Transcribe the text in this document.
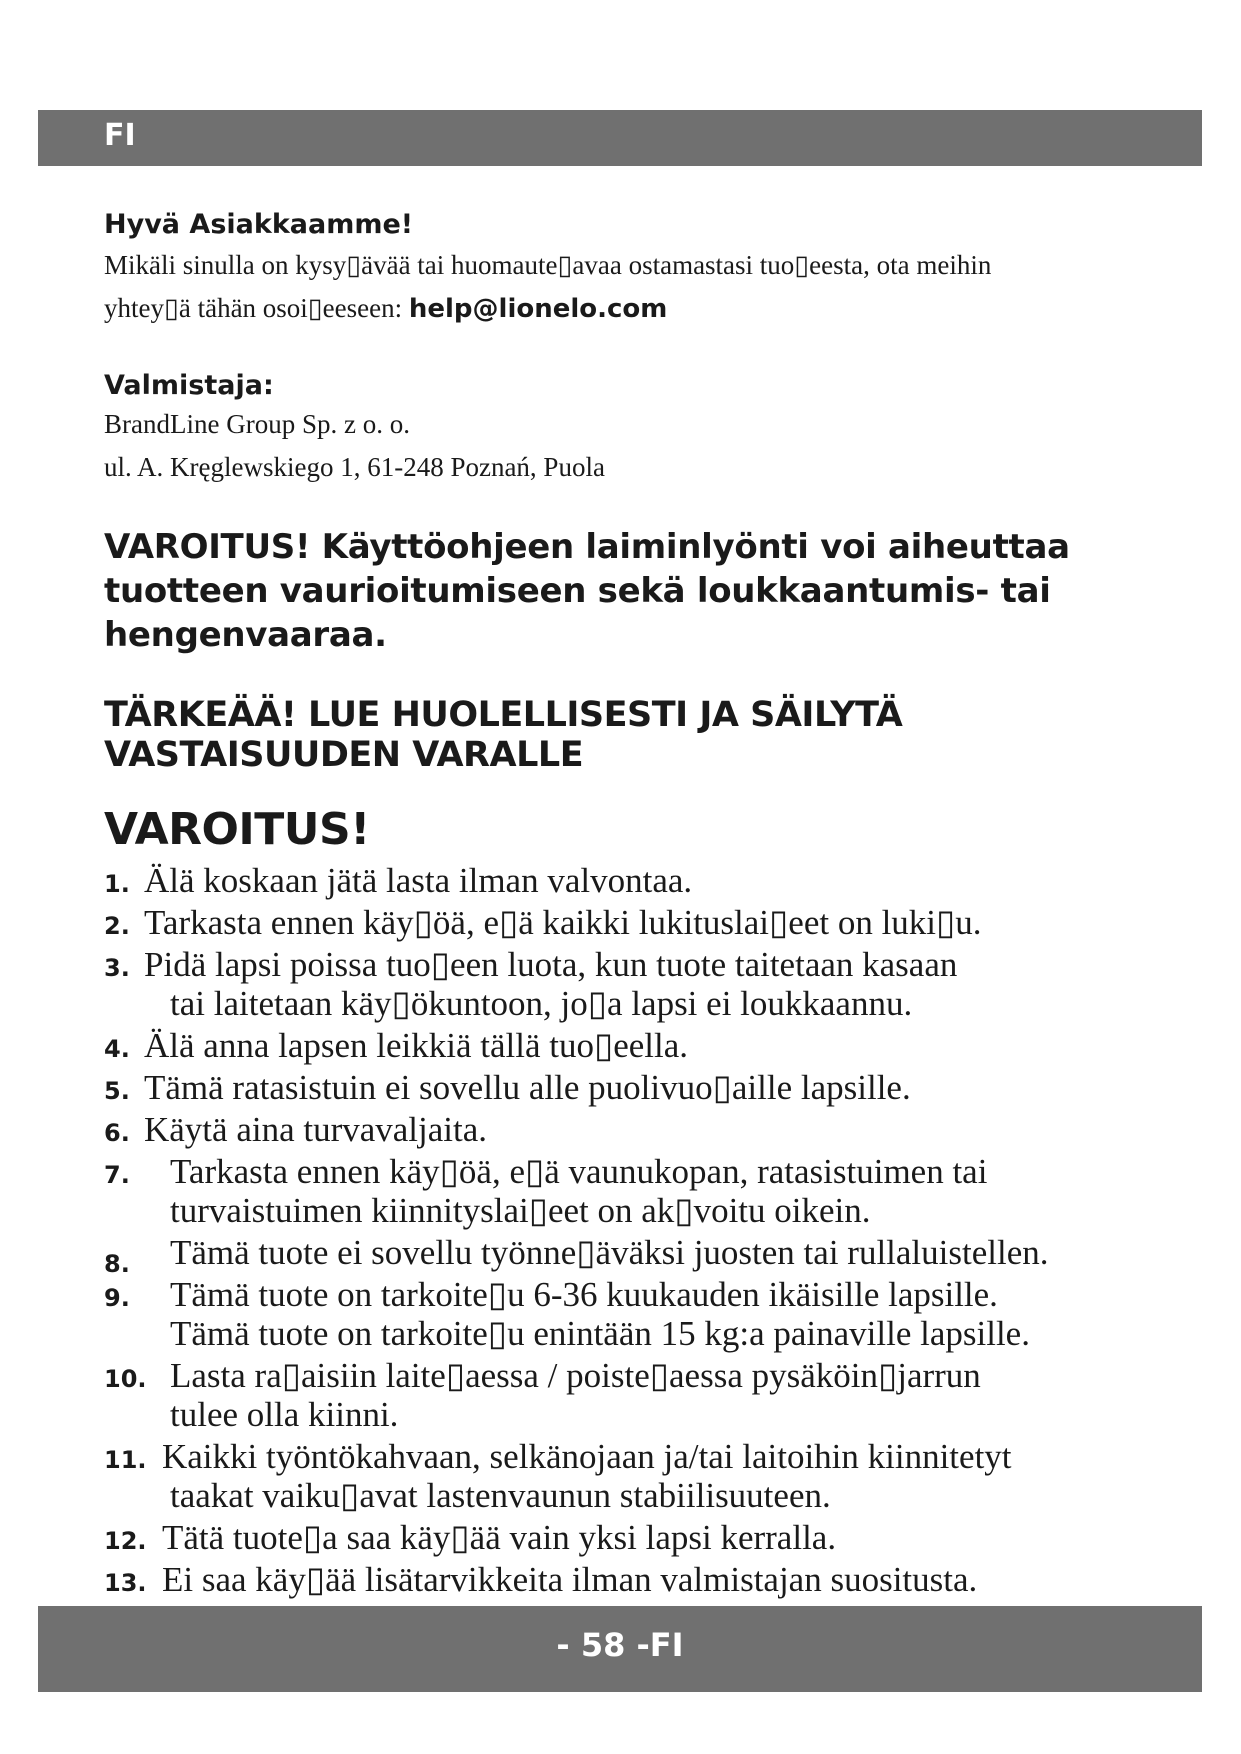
FI

Hyvä Asiakkaamme!

Mikäli sinulla on kysy▯ävää tai huomaute▯avaa ostamastasi tuo▯eesta, ota meihin
yhtey▯ä tähän osoi▯eeseen: help@lionelo.com

Valmistaja:

BrandLine Group Sp. z o. o.

ul. A. Kręglewskiego 1, 61-248 Poznań, Puola

VAROITUS! Käyttöohjeen laiminlyönti voi aiheuttaa tuotteen vaurioitumiseen sekä loukkaantumis- tai hengenvaaraa.

TÄRKEÄÄ! LUE HUOLELLISESTI JA SÄILYTÄ VASTAISUUDEN VARALLE

VAROITUS!

1. Älä koskaan jätä lasta ilman valvontaa.
2. Tarkasta ennen käy▯öä, e▯ä kaikki lukituslai▯eet on luki▯u.
3. Pidä lapsi poissa tuo▯een luota, kun tuote taitetaan kasaan
tai laitetaan käy▯ökuntoon, jo▯a lapsi ei loukkaannu.
4. Älä anna lapsen leikkiä tällä tuo▯eella.
5. Tämä ratasistuin ei sovellu alle puolivuo▯aille lapsille.
6. Käytä aina turvavaljaita.
7. Tarkasta ennen käy▯öä, e▯ä vaunukopan, ratasistuimen tai
turvaistuimen kiinnityslai▯eet on ak▯voitu oikein.
8. Tämä tuote ei sovellu työnne▯äväksi juosten tai rullaluistellen.
9. Tämä tuote on tarkoite▯u 6-36 kuukauden ikäisille lapsille.
Tämä tuote on tarkoite▯u enintään 15 kg:a painaville lapsille.
10. Lasta ra▯aisiin laite▯aessa / poiste▯aessa pysäköin▯jarrun
tulee olla kiinni.
11. Kaikki työntökahvaan, selkänojaan ja/tai laitoihin kiinnitetyt
taakat vaiku▯avat lastenvaunun stabiilisuuteen.
12. Tätä tuote▯a saa käy▯ää vain yksi lapsi kerralla.
13. Ei saa käy▯ää lisätarvikkeita ilman valmistajan suositusta.
- 58 -FI
